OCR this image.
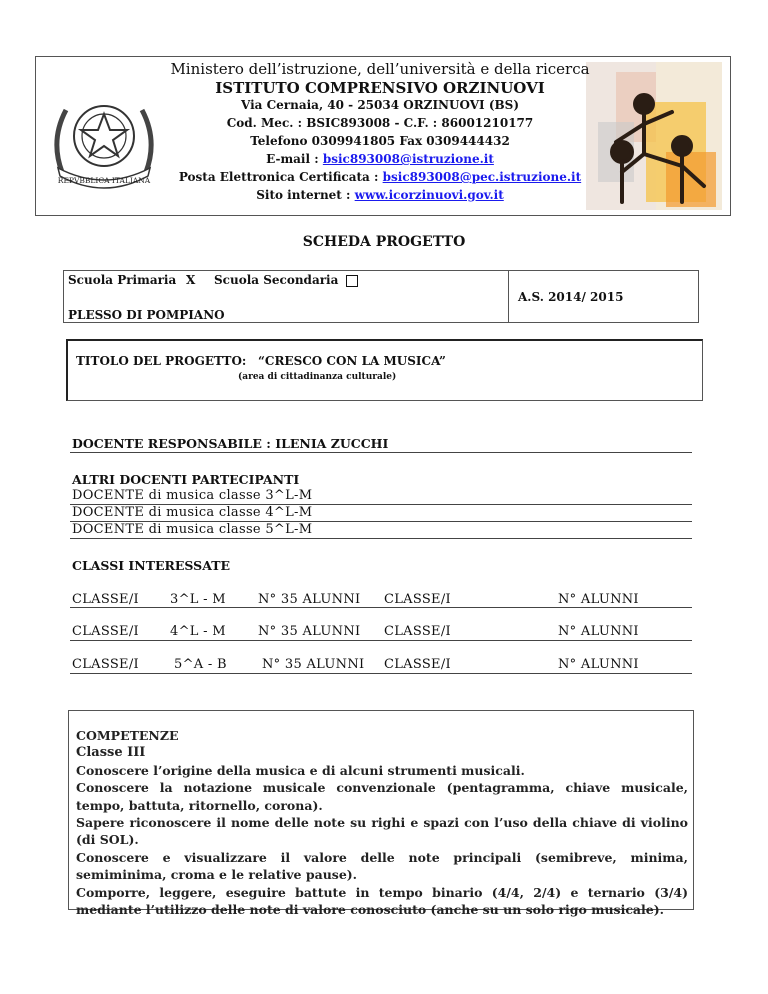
REPVBBLICA ITALIANA
Ministero dell’istruzione, dell’università e della ricerca
ISTITUTO COMPRENSIVO ORZINUOVI
Via Cernaia, 40 - 25034 ORZINUOVI (BS)
Cod. Mec. : BSIC893008 - C.F. : 86001210177
Telefono 0309941805 Fax 0309444432
E-mail : bsic893008@istruzione.it
Posta Elettronica Certificata : bsic893008@pec.istruzione.it
Sito internet : www.icorzinuovi.gov.it
SCHEDA PROGETTO
Scuola Primaria X Scuola Secondaria
A.S. 2014/ 2015
PLESSO DI POMPIANO
TITOLO DEL PROGETTO: “CRESCO CON LA MUSICA”
(area di cittadinanza culturale)
DOCENTE RESPONSABILE : ILENIA ZUCCHI
ALTRI DOCENTI PARTECIPANTI
DOCENTE di musica classe 3^L-M
DOCENTE di musica classe 4^L-M
DOCENTE di musica classe 5^L-M
CLASSI INTERESSATE
CLASSE/I 3^L - M N° 35 ALUNNI CLASSE/I	N° ALUNNI
CLASSE/I 4^L - M N° 35 ALUNNI CLASSE/I	N° ALUNNI
CLASSE/I	5^A - B	N° 35 ALUNNI CLASSE/I	N° ALUNNI

COMPETENZE

Classe III

Conoscere l’origine della musica e di alcuni strumenti musicali.

Conoscere la notazione musicale convenzionale (pentagramma, chiave musicale, tempo, battuta, ritornello, corona).

Sapere riconoscere il nome delle note su righi e spazi con l’uso della chiave di violino (di SOL).

Conoscere e visualizzare il valore delle note principali (semibreve, minima, semiminima, croma e le relative pause).

Comporre, leggere, eseguire battute in tempo binario (4/4, 2/4) e ternario (3/4) mediante l’utilizzo delle note di valore conosciuto (anche su un solo rigo musicale).
